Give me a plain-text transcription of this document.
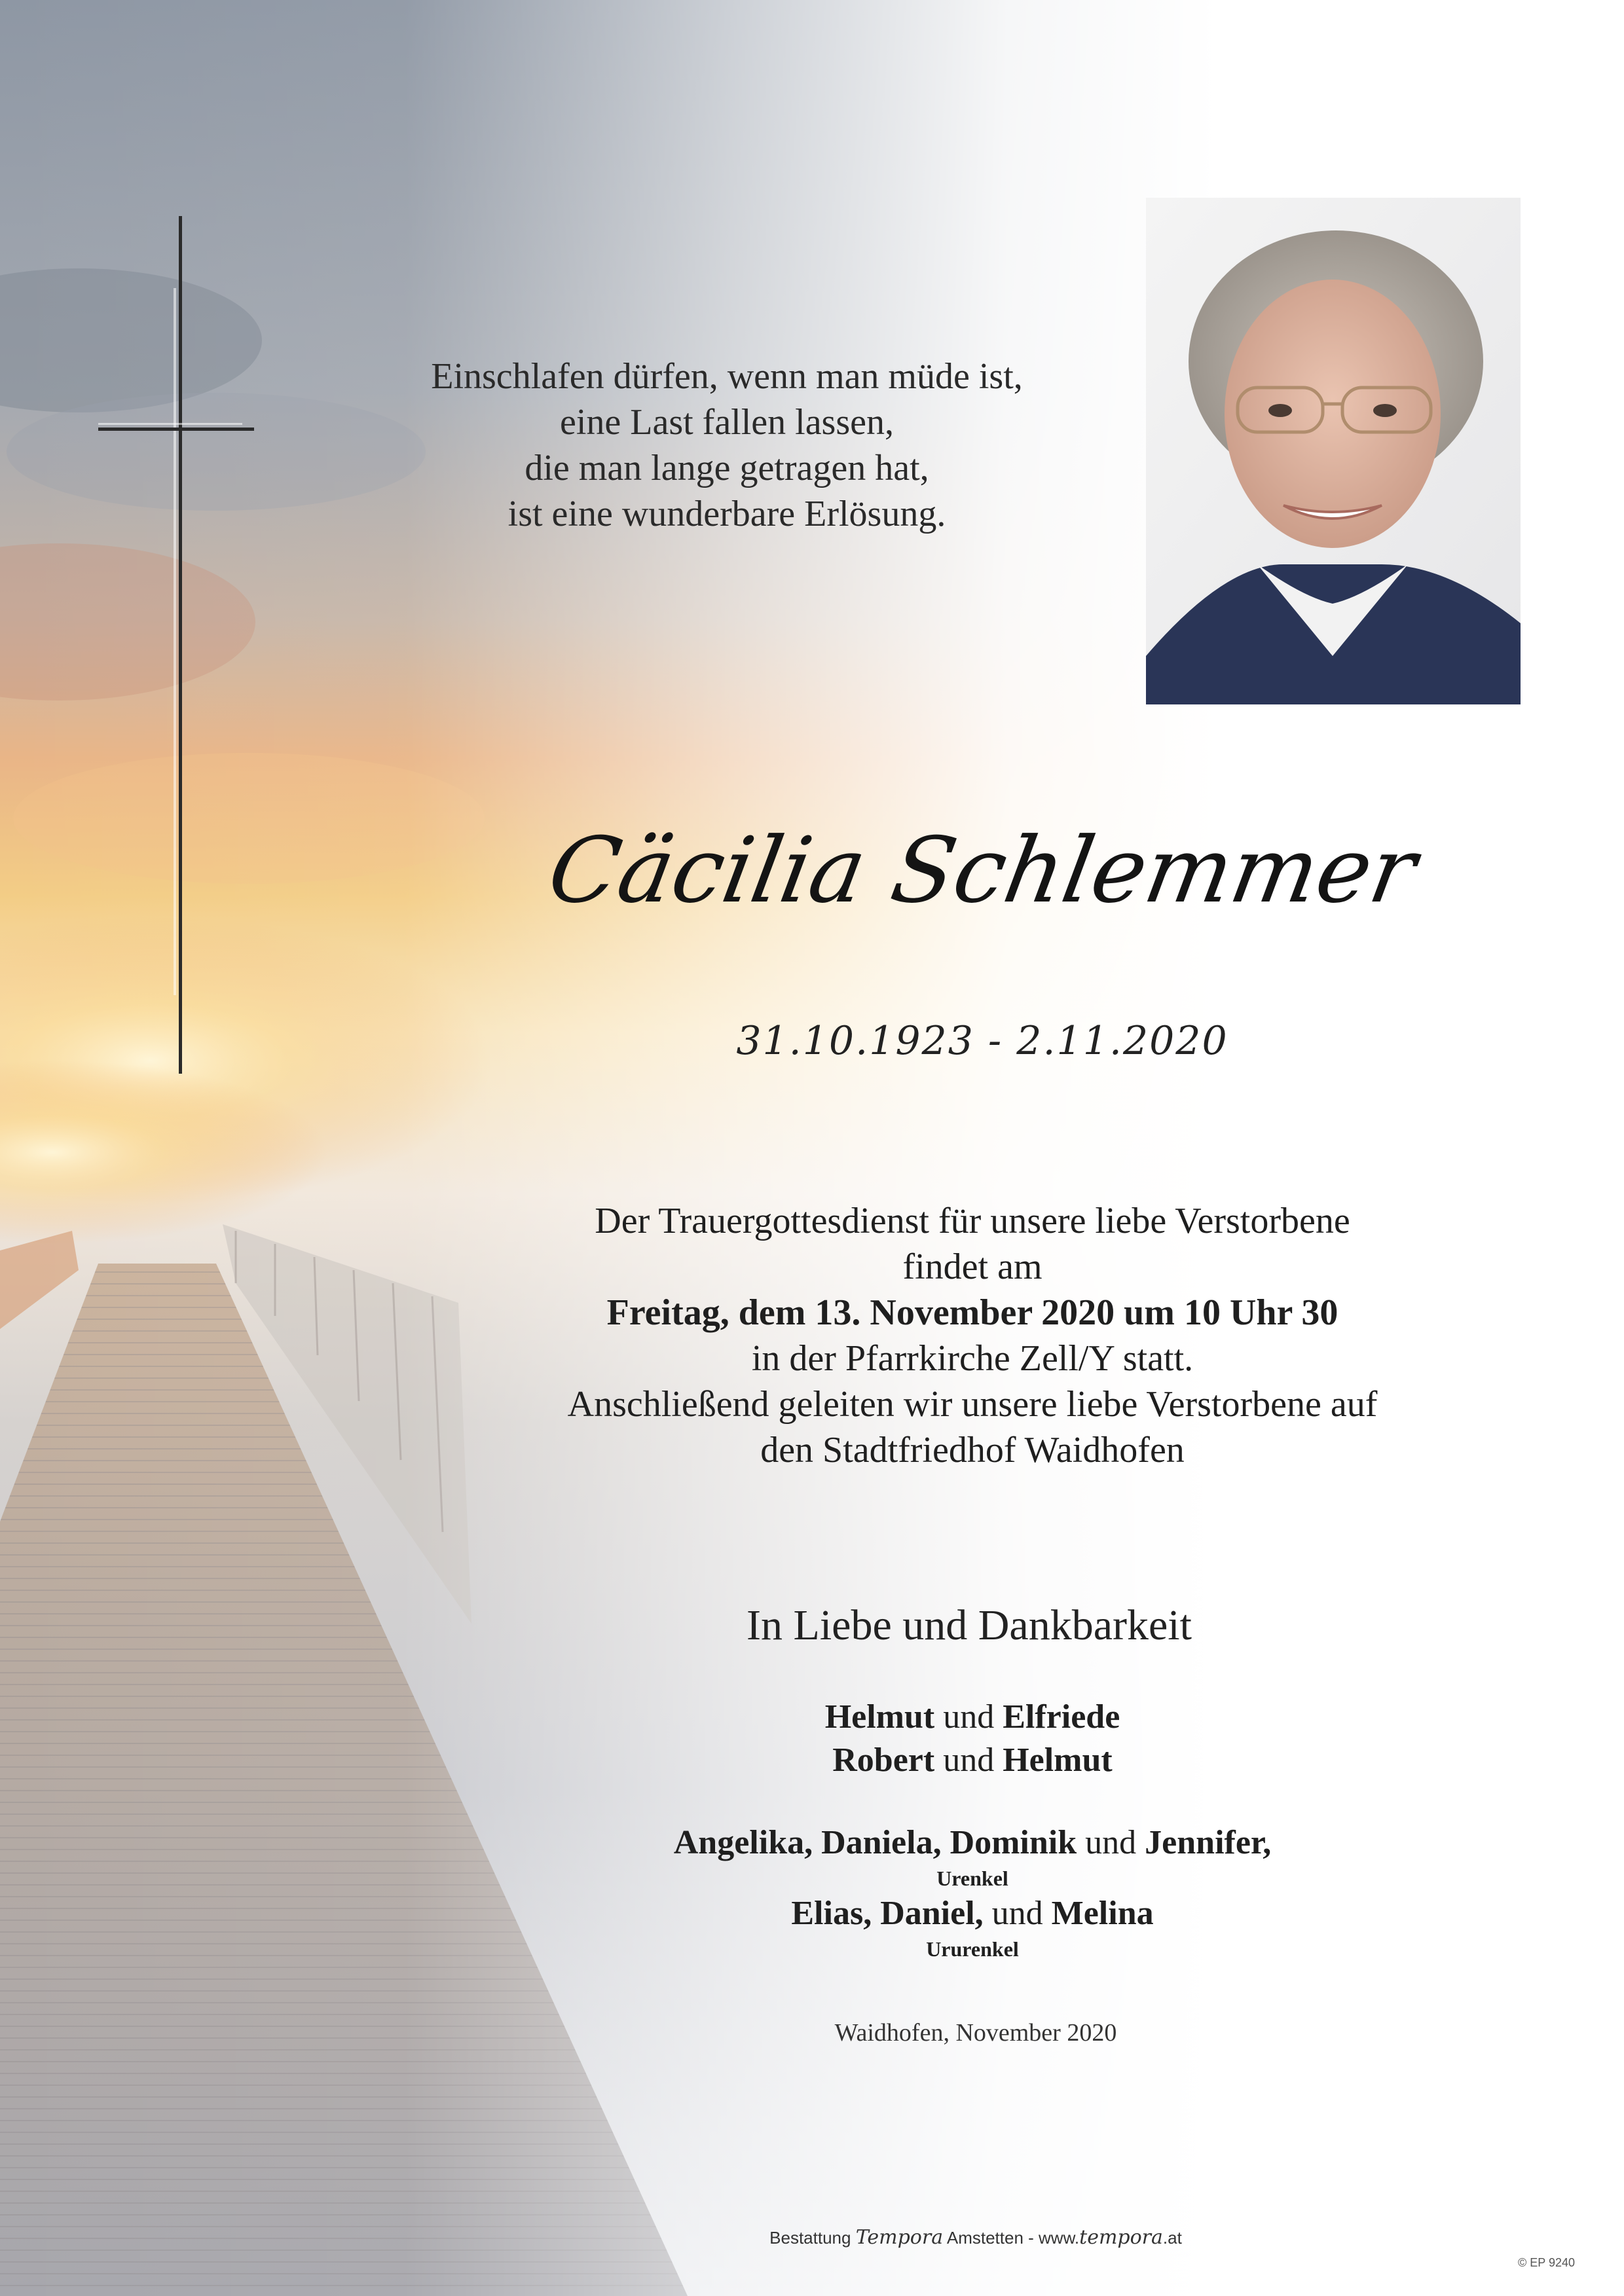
Einschlafen dürfen, wenn man müde ist,
eine Last fallen lassen,
die man lange getragen hat,
ist eine wunderbare Erlösung.
Cäcilia Schlemmer
31.10.1923 - 2.11.2020
Der Trauergottesdienst für unsere liebe Verstorbene
findet am
Freitag, dem 13. November 2020 um 10 Uhr 30
in der Pfarrkirche Zell/Y statt.
Anschließend geleiten wir unsere liebe Verstorbene auf
den Stadtfriedhof Waidhofen
In Liebe und Dankbarkeit
Helmut und Elfriede
Robert und Helmut
Angelika, Daniela, Dominik und Jennifer,
Urenkel
Elias, Daniel, und Melina
Ururenkel
Waidhofen, November 2020
Bestattung Tempora Amstetten - www.tempora.at
© EP 9240
